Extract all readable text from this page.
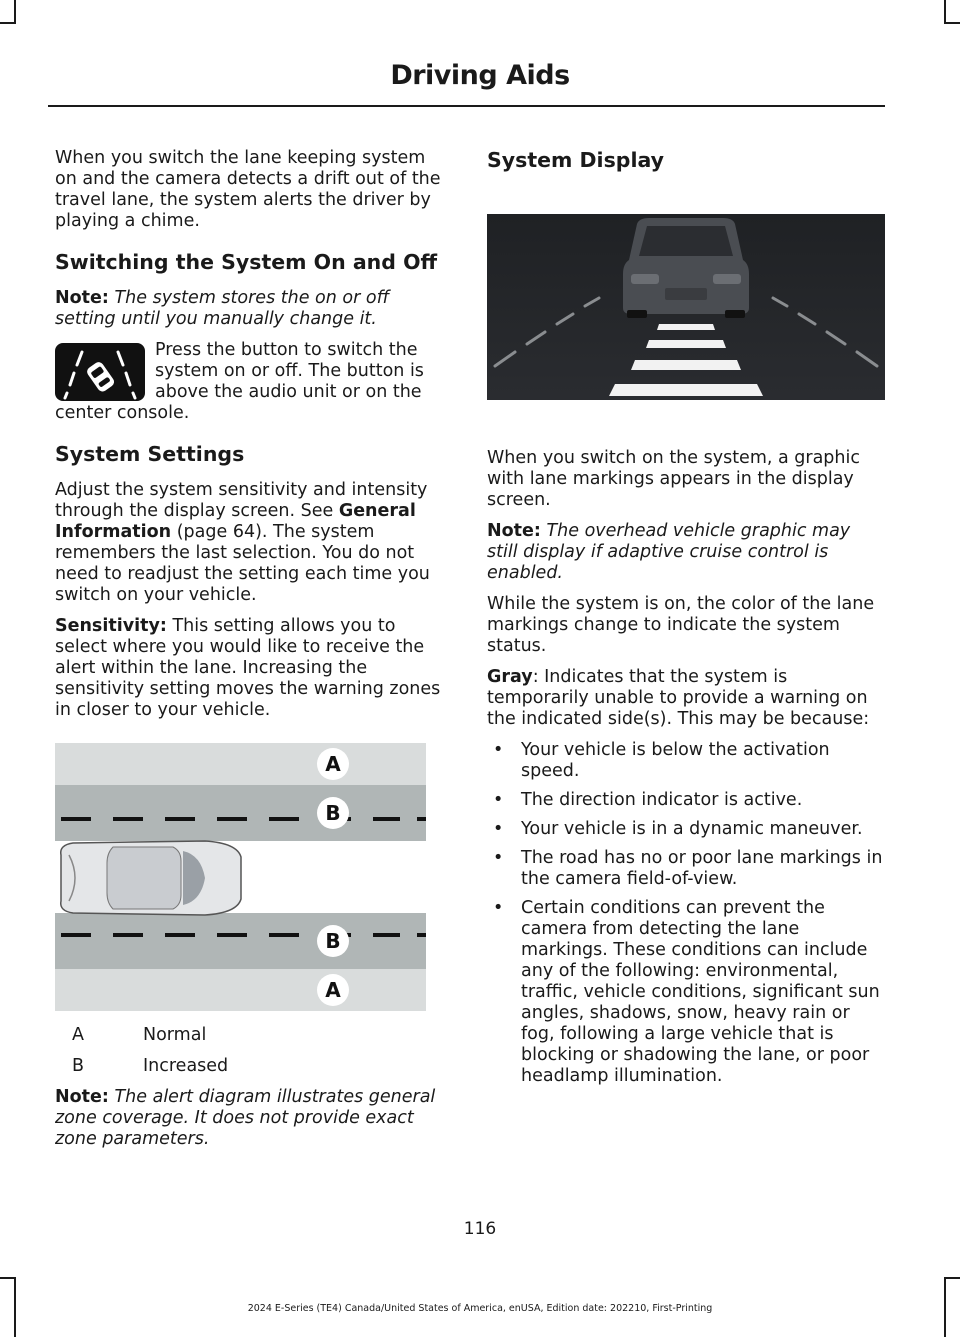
Driving Aids

When you switch the lane keeping system on and the camera detects a drift out of the travel lane, the system alerts the driver by playing a chime.

Switching the System On and Off

Note: The system stores the on or off setting until you manually change it.

Press the button to switch the system on or off. The button is above the audio unit or on the center console.

System Settings

Adjust the system sensitivity and intensity through the display screen. See General Information (page 64). The system remembers the last selection. You do not need to readjust the setting each time you switch on your vehicle.

Sensitivity: This setting allows you to select where you would like to receive the alert within the lane. Increasing the sensitivity setting moves the warning zones in closer to your vehicle.

A
B
B
A
A	Normal
B	Increased

Note: The alert diagram illustrates general zone coverage. It does not provide exact zone parameters.

System Display

When you switch on the system, a graphic with lane markings appears in the display screen.

Note: The overhead vehicle graphic may still display if adaptive cruise control is enabled.

While the system is on, the color of the lane markings change to indicate the system status.

Gray: Indicates that the system is temporarily unable to provide a warning on the indicated side(s). This may be because:

• Your vehicle is below the activation speed.
• The direction indicator is active.
• Your vehicle is in a dynamic maneuver.
• The road has no or poor lane markings in the camera field-of-view.
• Certain conditions can prevent the camera from detecting the lane markings. These conditions can include any of the following: environmental, traffic, vehicle conditions, significant sun angles, shadows, snow, heavy rain or fog, following a large vehicle that is blocking or shadowing the lane, or poor headlamp illumination.
116
2024 E-Series (TE4) Canada/United States of America, enUSA, Edition date: 202210, First-Printing
